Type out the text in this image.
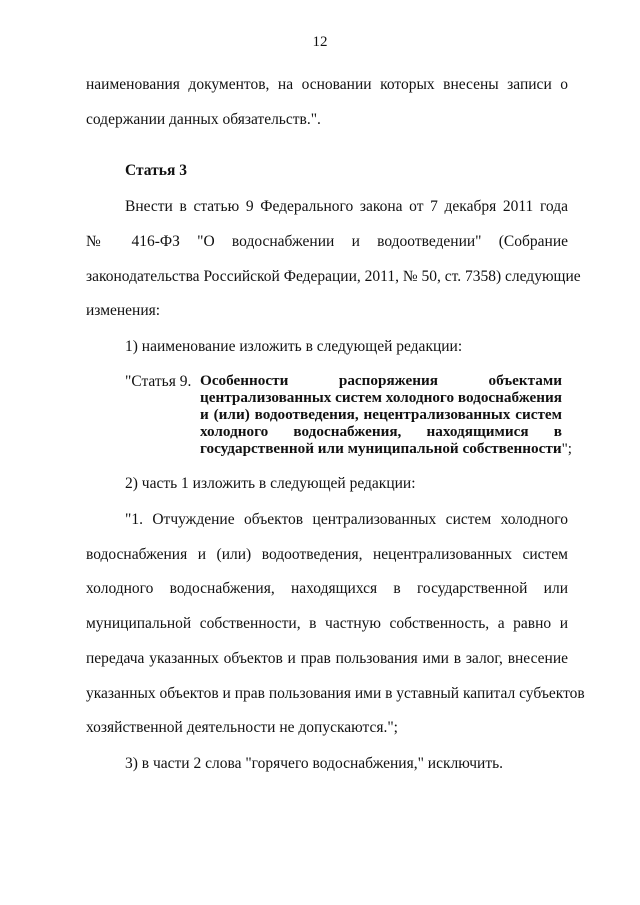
12
наименования документов, на основании которых внесены записи о
содержании данных обязательств.".
Статья 3
Внести в статью 9 Федерального закона от 7 декабря 2011 года
№ 416-ФЗ "О водоснабжении и водоотведении" (Собрание
законодательства Российской Федерации, 2011, № 50, ст. 7358) следующие
изменения:
1) наименование изложить в следующей редакции:
"Статья 9. Особенности распоряжения объектами
централизованных систем холодного водоснабжения
и (или) водоотведения, нецентрализованных систем
холодного водоснабжения, находящимися в
государственной или муниципальной собственности";
2) часть 1 изложить в следующей редакции:
"1. Отчуждение объектов централизованных систем холодного
водоснабжения и (или) водоотведения, нецентрализованных систем
холодного водоснабжения, находящихся в государственной или
муниципальной собственности, в частную собственность, а равно и
передача указанных объектов и прав пользования ими в залог, внесение
указанных объектов и прав пользования ими в уставный капитал субъектов
хозяйственной деятельности не допускаются.";
3) в части 2 слова "горячего водоснабжения," исключить.
